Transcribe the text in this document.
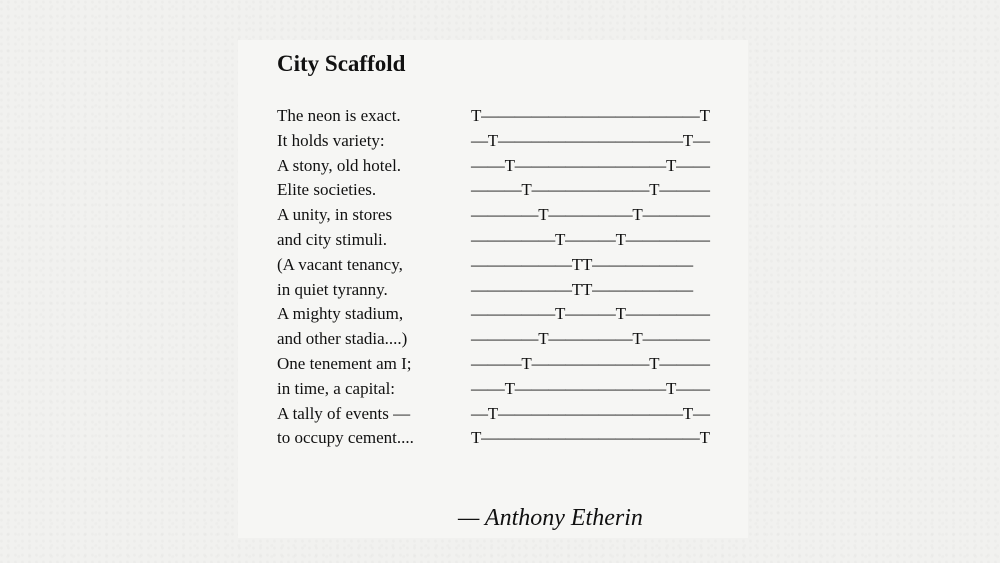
City Scaffold
The neon is exact.	T—————————————T
It holds variety:	—T———————————T—
A stony, old hotel.	——T—————————T——
Elite societies.	———T———————T———
A unity, in stores	————T—————T————
and city stimuli.	—————T———T—————
(A vacant tenancy,	——————TT——————
in quiet tyranny.	——————TT——————
A mighty stadium,	—————T———T—————
and other stadia....)	————T—————T————
One tenement am I;	———T———————T———
in time, a capital:	——T—————————T——
A tally of events —	—T———————————T—
to occupy cement....	T—————————————T

— Anthony Etherin
